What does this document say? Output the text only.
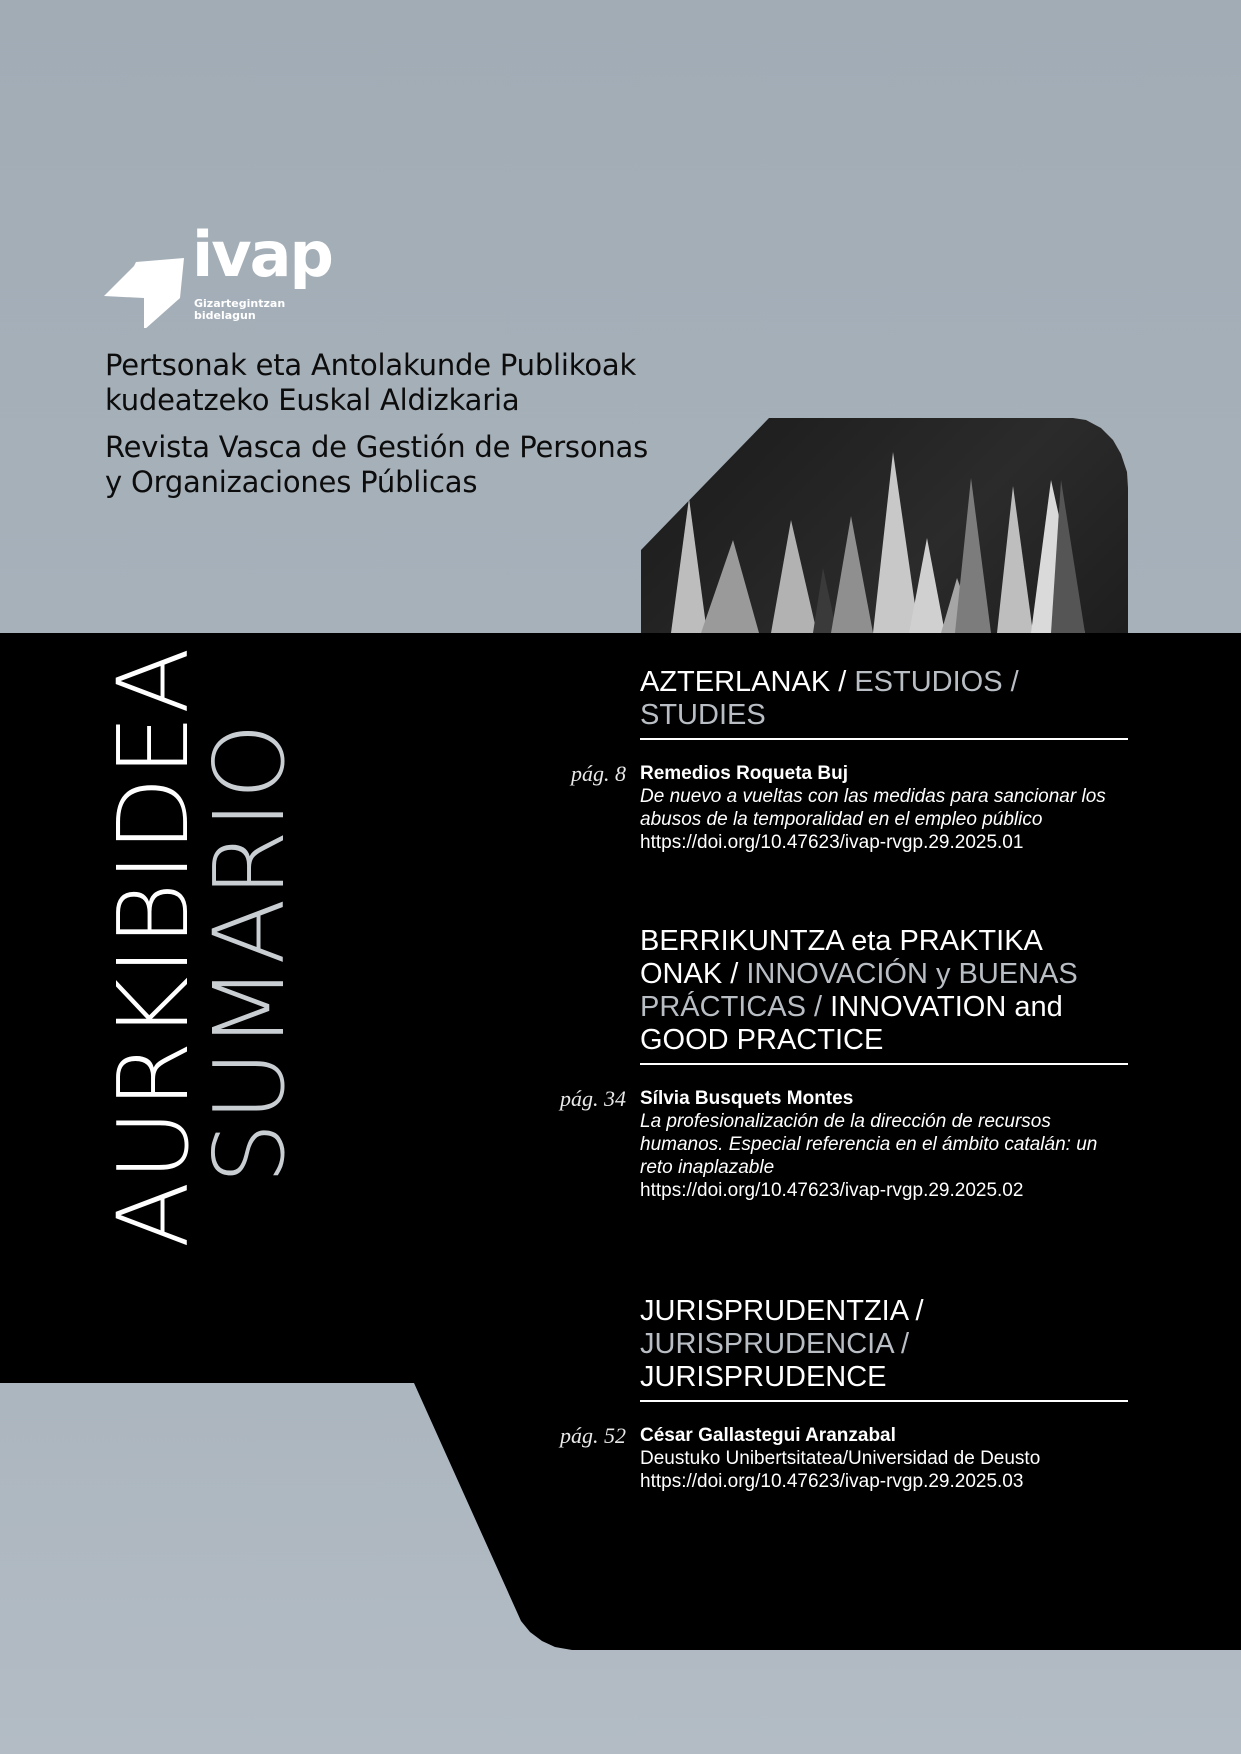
ivap
Gizartegintzan
bidelagun
Pertsonak eta Antolakunde Publikoak
kudeatzeko Euskal Aldizkaria
Revista Vasca de Gestión de Personas
y Organizaciones Públicas
AURKIBIDEA
SUMARIO
AZTERLANAK / ESTUDIOS / STUDIES
pág. 8 Remedios Roqueta Buj
De nuevo a vueltas con las medidas para sancionar los abusos de la temporalidad en el empleo público
https://doi.org/10.47623/ivap-rvgp.29.2025.01
BERRIKUNTZA eta PRAKTIKA ONAK / INNOVACIÓN y BUENAS PRÁCTICAS / INNOVATION and GOOD PRACTICE
pág. 34 Sílvia Busquets Montes
La profesionalización de la dirección de recursos humanos. Especial referencia en el ámbito catalán: un reto inaplazable
https://doi.org/10.47623/ivap-rvgp.29.2025.02
JURISPRUDENTZIA / JURISPRUDENCIA / JURISPRUDENCE
pág. 52 César Gallastegui Aranzabal
Deustuko Unibertsitatea/Universidad de Deusto
https://doi.org/10.47623/ivap-rvgp.29.2025.03
